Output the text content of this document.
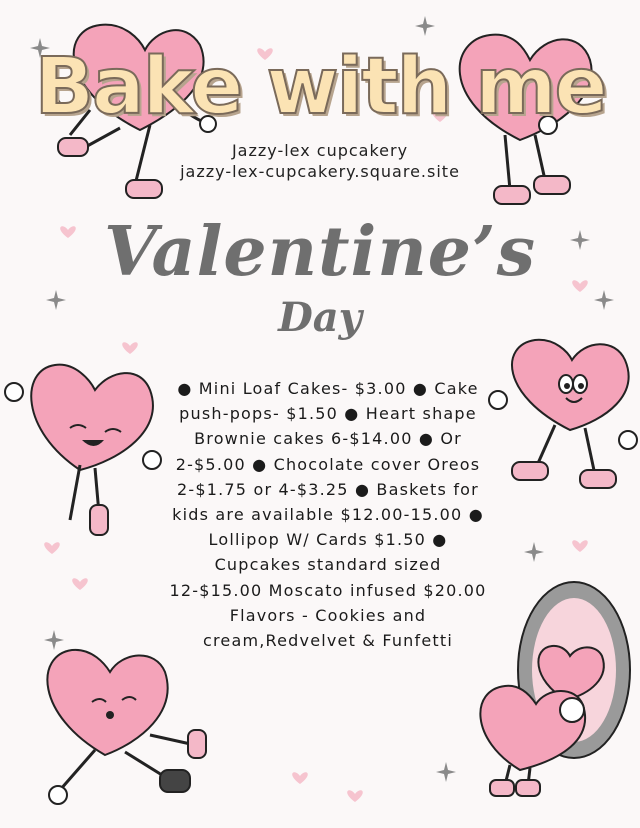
Bake with me
Jazzy-lex cupcakery
jazzy-lex-cupcakery.square.site
Valentine’s
Day
● Mini Loaf Cakes- $3.00 ● Cake push-pops- $1.50 ● Heart shape Brownie cakes 6-$14.00 ● Or 2-$5.00 ● Chocolate cover Oreos 2-$1.75 or 4-$3.25 ● Baskets for kids are available $12.00-15.00 ● Lollipop W/ Cards $1.50 ● Cupcakes standard sized 12-$15.00 Moscato infused $20.00 Flavors - Cookies and cream,Redvelvet & Funfetti
